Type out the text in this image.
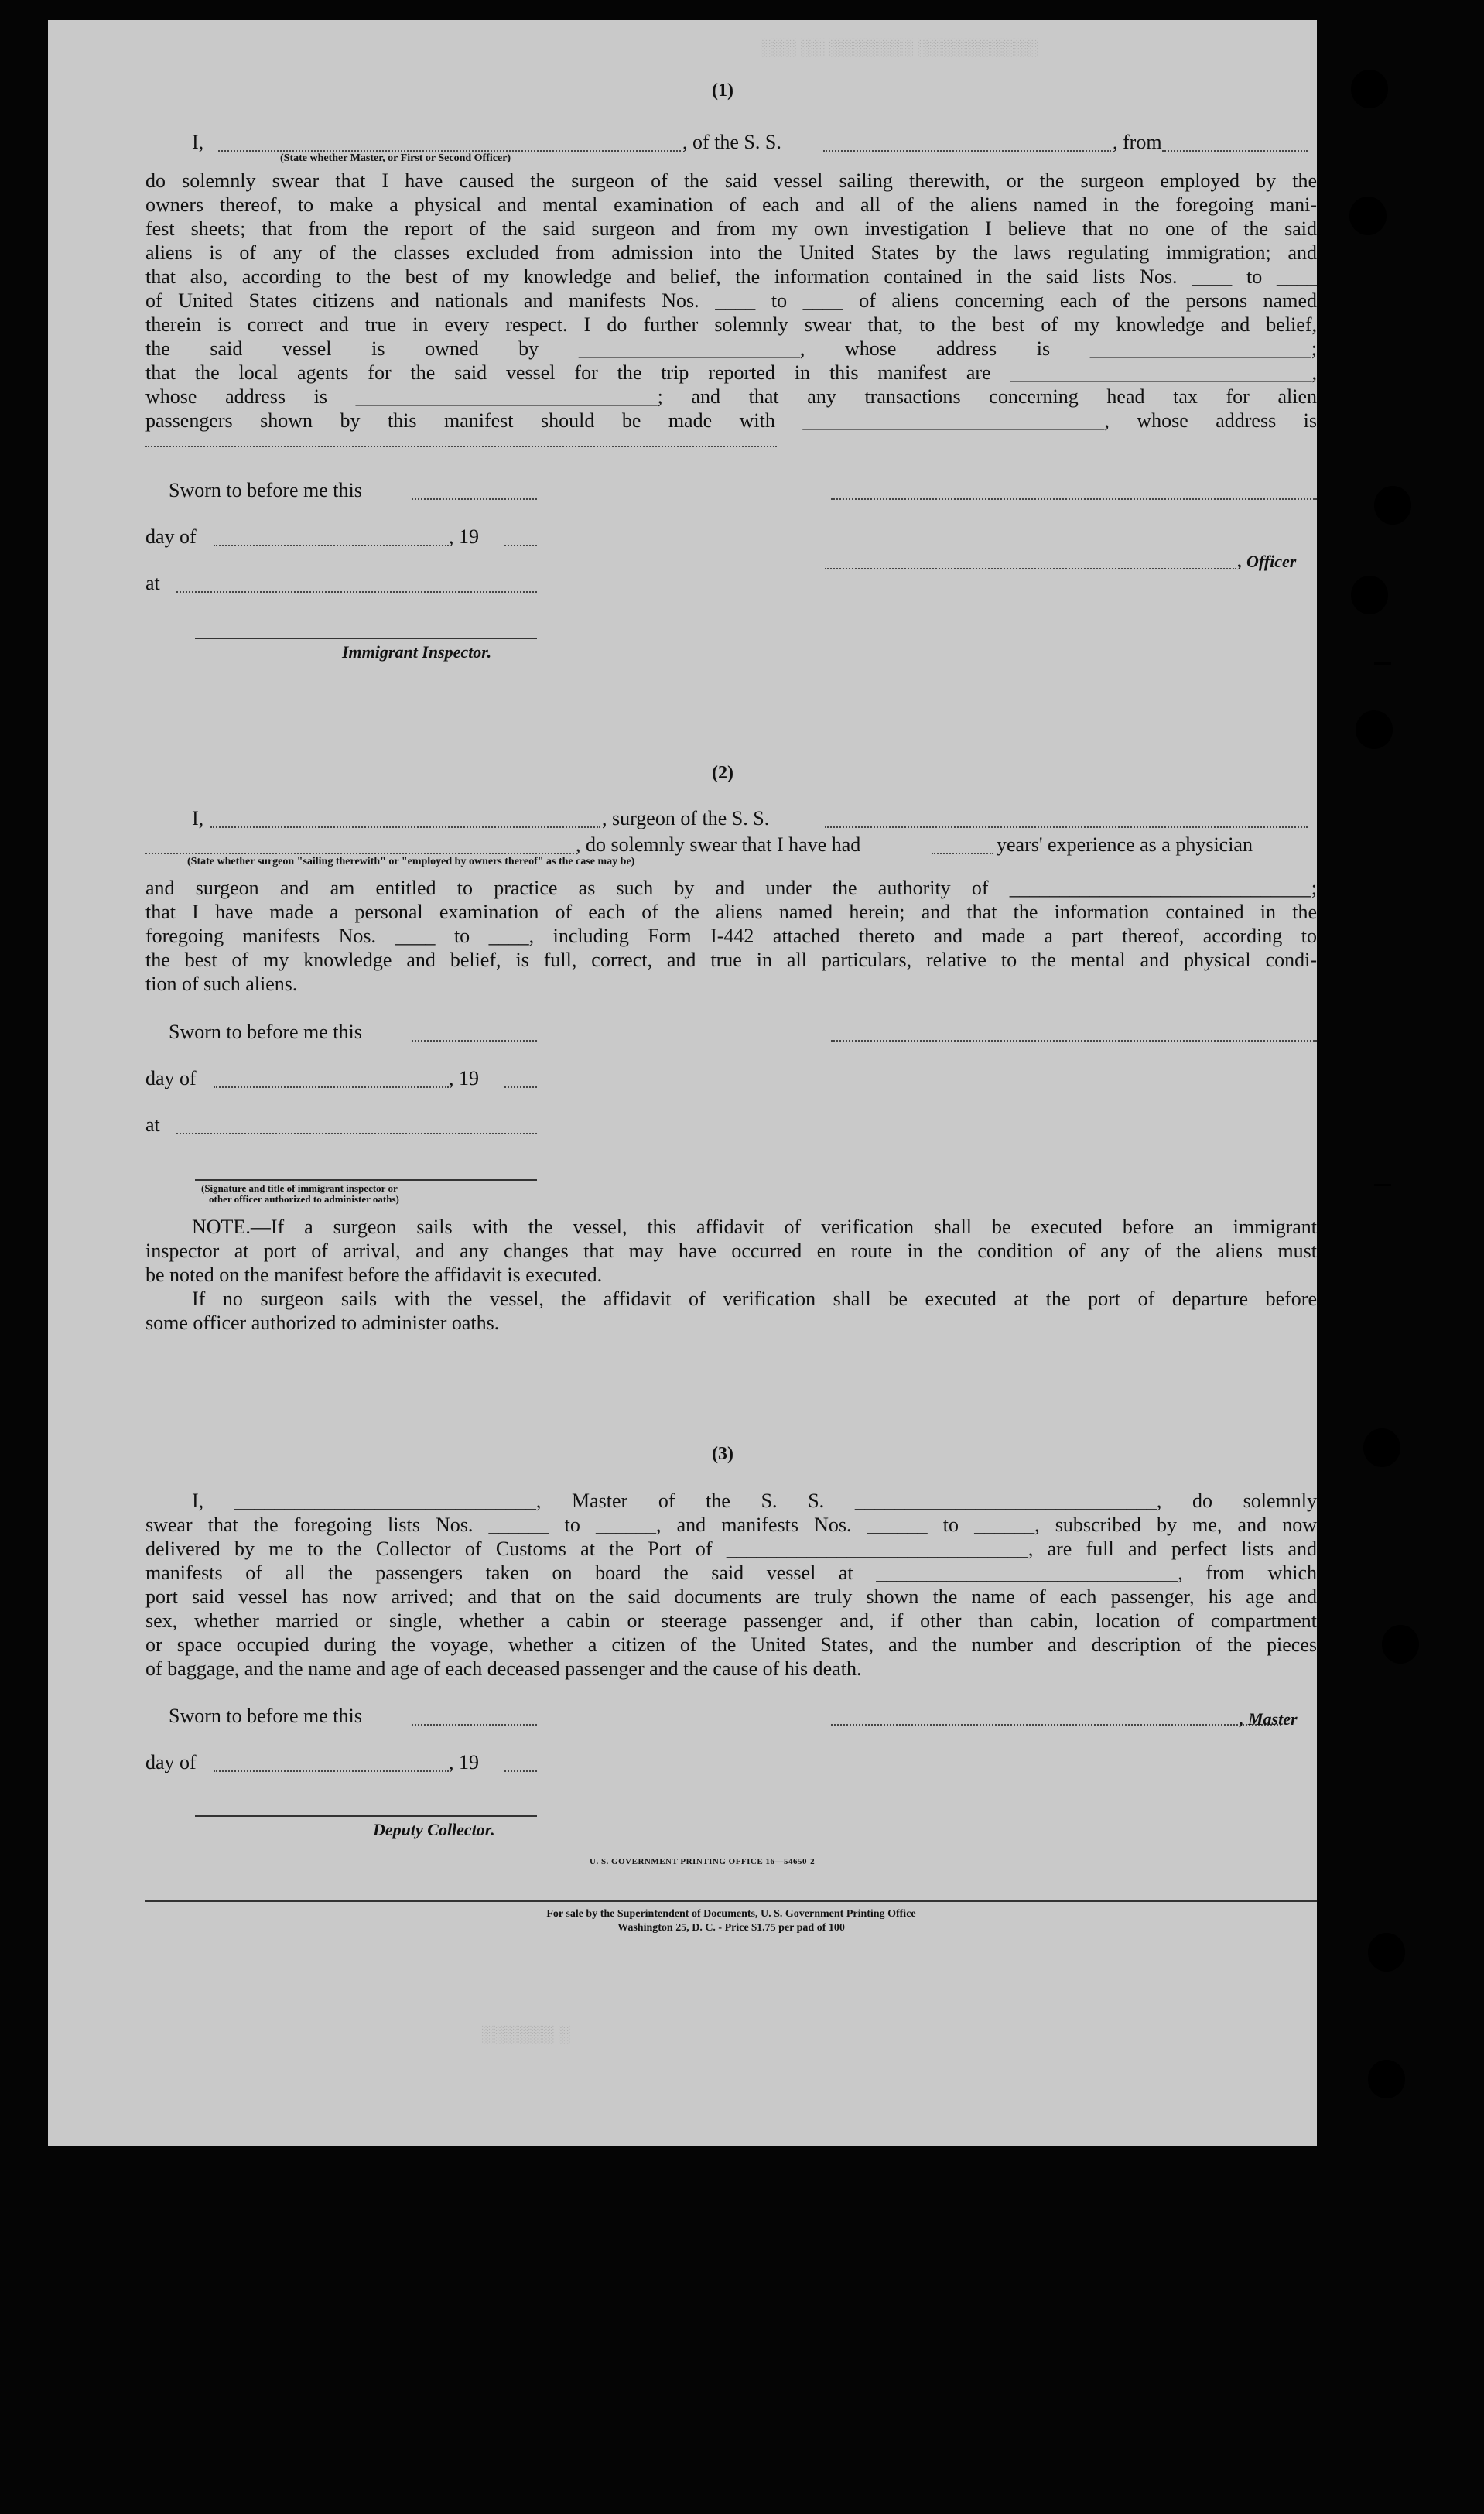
░░░ ░░ ░░░░░░░ ░░░░░░░░░░
░░░░░░ ░
(1)
I,	, of the S. S.	, from
(State whether Master, or First or Second Officer)
do solemnly swear that I have caused the surgeon of the said vessel sailing therewith, or the surgeon employed by the
owners thereof, to make a physical and mental examination of each and all of the aliens named in the foregoing mani-
fest sheets; that from the report of the said surgeon and from my own investigation I believe that no one of the said
aliens is of any of the classes excluded from admission into the United States by the laws regulating immigration; and
that also, according to the best of my knowledge and belief, the information contained in the said lists Nos. ____ to ____
of United States citizens and nationals and manifests Nos. ____ to ____ of aliens concerning each of the persons named
therein is correct and true in every respect. I do further solemnly swear that, to the best of my knowledge and belief,
the said vessel is owned by ______________________, whose address is ______________________;
that the local agents for the said vessel for the trip reported in this manifest are ______________________________,
whose address is ______________________________; and that any transactions concerning head tax for alien
passengers shown by this manifest should be made with ______________________________, whose address is
Sworn to before me this
day of	, 19
, Officer
at
Immigrant Inspector.
(2)
I,	, surgeon of the S. S.
, do solemnly swear that I have had	years' experience as a physician
(State whether surgeon "sailing therewith" or "employed by owners thereof" as the case may be)
and surgeon and am entitled to practice as such by and under the authority of ______________________________;
that I have made a personal examination of each of the aliens named herein; and that the information contained in the
foregoing manifests Nos. ____ to ____, including Form I-442 attached thereto and made a part thereof, according to
the best of my knowledge and belief, is full, correct, and true in all particulars, relative to the mental and physical condi-
tion of such aliens.
Sworn to before me this
day of	, 19
at
(Signature and title of immigrant inspector or
other officer authorized to administer oaths)
NOTE.—If a surgeon sails with the vessel, this affidavit of verification shall be executed before an immigrant
inspector at port of arrival, and any changes that may have occurred en route in the condition of any of the aliens must
be noted on the manifest before the affidavit is executed.
If no surgeon sails with the vessel, the affidavit of verification shall be executed at the port of departure before
some officer authorized to administer oaths.
(3)
I, ______________________________, Master of the S. S. ______________________________, do solemnly
swear that the foregoing lists Nos. ______ to ______, and manifests Nos. ______ to ______, subscribed by me, and now
delivered by me to the Collector of Customs at the Port of ______________________________, are full and perfect lists and
manifests of all the passengers taken on board the said vessel at ______________________________, from which
port said vessel has now arrived; and that on the said documents are truly shown the name of each passenger, his age and
sex, whether married or single, whether a cabin or steerage passenger and, if other than cabin, location of compartment
or space occupied during the voyage, whether a citizen of the United States, and the number and description of the pieces
of baggage, and the name and age of each deceased passenger and the cause of his death.
Sworn to before me this	, Master
day of	, 19
Deputy Collector.
U. S. GOVERNMENT PRINTING OFFICE 16—54650-2
For sale by the Superintendent of Documents, U. S. Government Printing Office
Washington 25, D. C. - Price $1.75 per pad of 100
